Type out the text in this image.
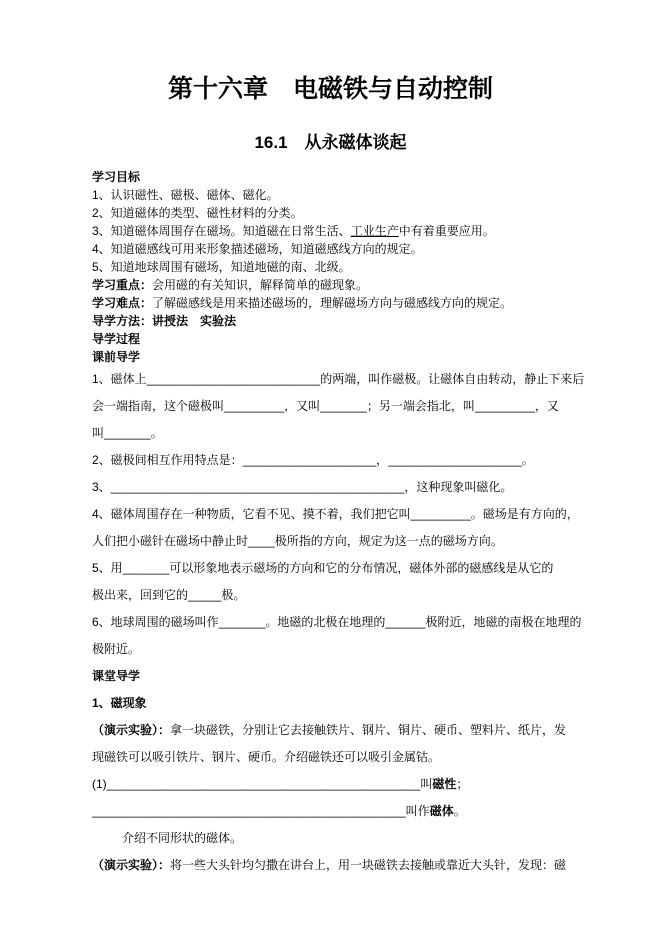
第十六章　电磁铁与自动控制
16.1　从永磁体谈起
学习目标
1、认识磁性、磁极、磁体、磁化。
2、知道磁体的类型、磁性材料的分类。
3、知道磁体周围存在磁场。知道磁在日常生活、工业生产中有着重要应用。
4、知道磁感线可用来形象描述磁场，知道磁感线方向的规定。
5、知道地球周围有磁场，知道地磁的南、北级。
学习重点：会用磁的有关知识，解释简单的磁现象。
学习难点：了解磁感线是用来描述磁场的，理解磁场方向与磁感线方向的规定。
导学方法：讲授法　实验法
导学过程
课前导学
1、磁体上__________________________的两端，叫作磁极。让磁体自由转动，静止下来后
会一端指南，这个磁极叫_________，又叫_______；另一端会指北，叫_________，又
叫_______。
2、磁极间相互作用特点是：____________________，____________________。
3、____________________________________________，这种现象叫磁化。
4、磁体周围存在一种物质，它看不见、摸不着，我们把它叫_________。磁场是有方向的，
人们把小磁针在磁场中静止时____极所指的方向，规定为这一点的磁场方向。
5、用_______可以形象地表示磁场的方向和它的分布情况，磁体外部的磁感线是从它的
极出来，回到它的_____极。
6、地球周围的磁场叫作_______。地磁的北极在地理的______极附近，地磁的南极在地理的
极附近。
课堂导学
1、磁现象
（演示实验）：拿一块磁铁，分别让它去接触铁片、钢片、铜片、硬币、塑料片、纸片，发
现磁铁可以吸引铁片、钢片、硬币。介绍磁铁还可以吸引金属钴。
(1)_______________________________________________叫磁性；
_______________________________________________叫作磁体。
介绍不同形状的磁体。
（演示实验）：将一些大头针均匀撒在讲台上，用一块磁铁去接触或靠近大头针，发现：磁
